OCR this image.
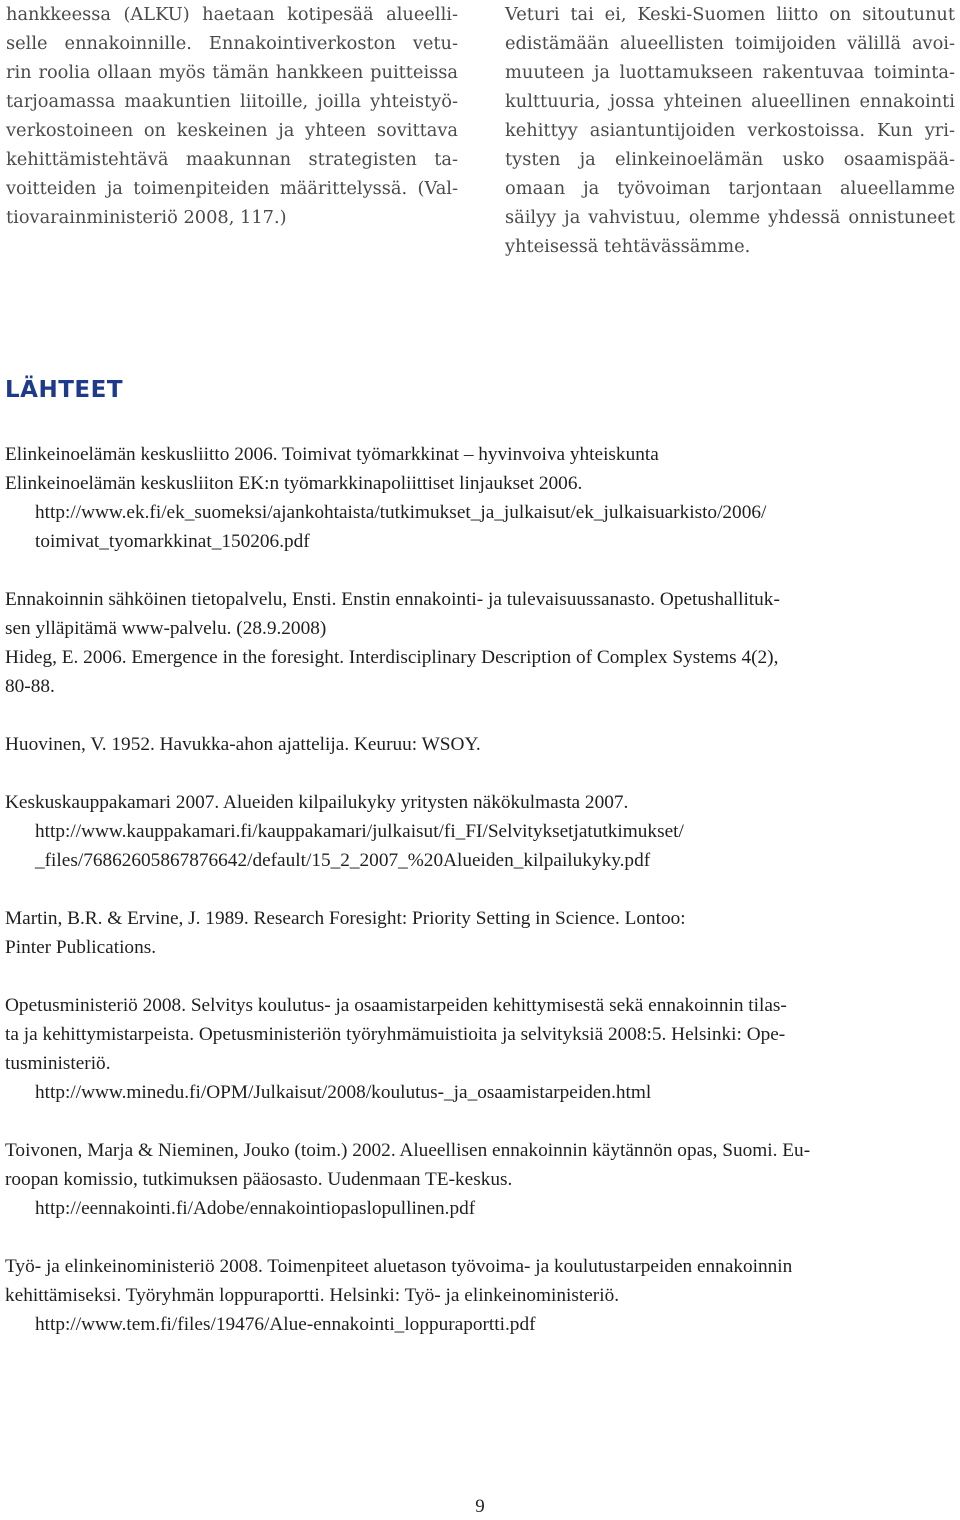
hankkeessa (ALKU) haetaan kotipesää alueelli-
selle ennakoinnille. Ennakointiverkoston vetu-
rin roolia ollaan myös tämän hankkeen puitteissa
tarjoamassa maakuntien liitoille, joilla yhteistyö-
verkostoineen on keskeinen ja yhteen sovittava
kehittämistehtävä maakunnan strategisten ta-
voitteiden ja toimenpiteiden määrittelyssä. (Val-
tiovarainministeriö 2008, 117.)
Veturi tai ei, Keski-Suomen liitto on sitoutunut
edistämään alueellisten toimijoiden välillä avoi-
muuteen ja luottamukseen rakentuvaa toiminta-
kulttuuria, jossa yhteinen alueellinen ennakointi
kehittyy asiantuntijoiden verkostoissa. Kun yri-
tysten ja elinkeinoelämän usko osaamispää-
omaan ja työvoiman tarjontaan alueellamme
säilyy ja vahvistuu, olemme yhdessä onnistuneet
yhteisessä tehtävässämme.
LÄHTEET
Elinkeinoelämän keskusliitto 2006. Toimivat työmarkkinat – hyvinvoiva yhteiskunta
Elinkeinoelämän keskusliiton EK:n työmarkkinapoliittiset linjaukset 2006.
http://www.ek.fi/ek_suomeksi/ajankohtaista/tutkimukset_ja_julkaisut/ek_julkaisuarkisto/2006/
toimivat_tyomarkkinat_150206.pdf
Ennakoinnin sähköinen tietopalvelu, Ensti. Enstin ennakointi- ja tulevaisuussanasto. Opetushallituk-
sen ylläpitämä www-palvelu. (28.9.2008)
Hideg, E. 2006. Emergence in the foresight. Interdisciplinary Description of Complex Systems 4(2),
80-88.
Huovinen, V. 1952. Havukka-ahon ajattelija. Keuruu: WSOY.
Keskuskauppakamari 2007. Alueiden kilpailukyky yritysten näkökulmasta 2007.
http://www.kauppakamari.fi/kauppakamari/julkaisut/fi_FI/Selvityksetjatutkimukset/
_files/76862605867876642/default/15_2_2007_%20Alueiden_kilpailukyky.pdf
Martin, B.R. & Ervine, J. 1989. Research Foresight: Priority Setting in Science. Lontoo:
Pinter Publications.
Opetusministeriö 2008. Selvitys koulutus- ja osaamistarpeiden kehittymisestä sekä ennakoinnin tilas-
ta ja kehittymistarpeista. Opetusministeriön työryhmämuistioita ja selvityksiä 2008:5. Helsinki: Ope-
tusministeriö.
http://www.minedu.fi/OPM/Julkaisut/2008/koulutus-_ja_osaamistarpeiden.html
Toivonen, Marja & Nieminen, Jouko (toim.) 2002. Alueellisen ennakoinnin käytännön opas, Suomi. Eu-
roopan komissio, tutkimuksen pääosasto. Uudenmaan TE-keskus.
http://eennakointi.fi/Adobe/ennakointiopaslopullinen.pdf
Työ- ja elinkeinoministeriö 2008. Toimenpiteet aluetason työvoima- ja koulutustarpeiden ennakoinnin
kehittämiseksi. Työryhmän loppuraportti. Helsinki: Työ- ja elinkeinoministeriö.
http://www.tem.fi/files/19476/Alue-ennakointi_loppuraportti.pdf
9
